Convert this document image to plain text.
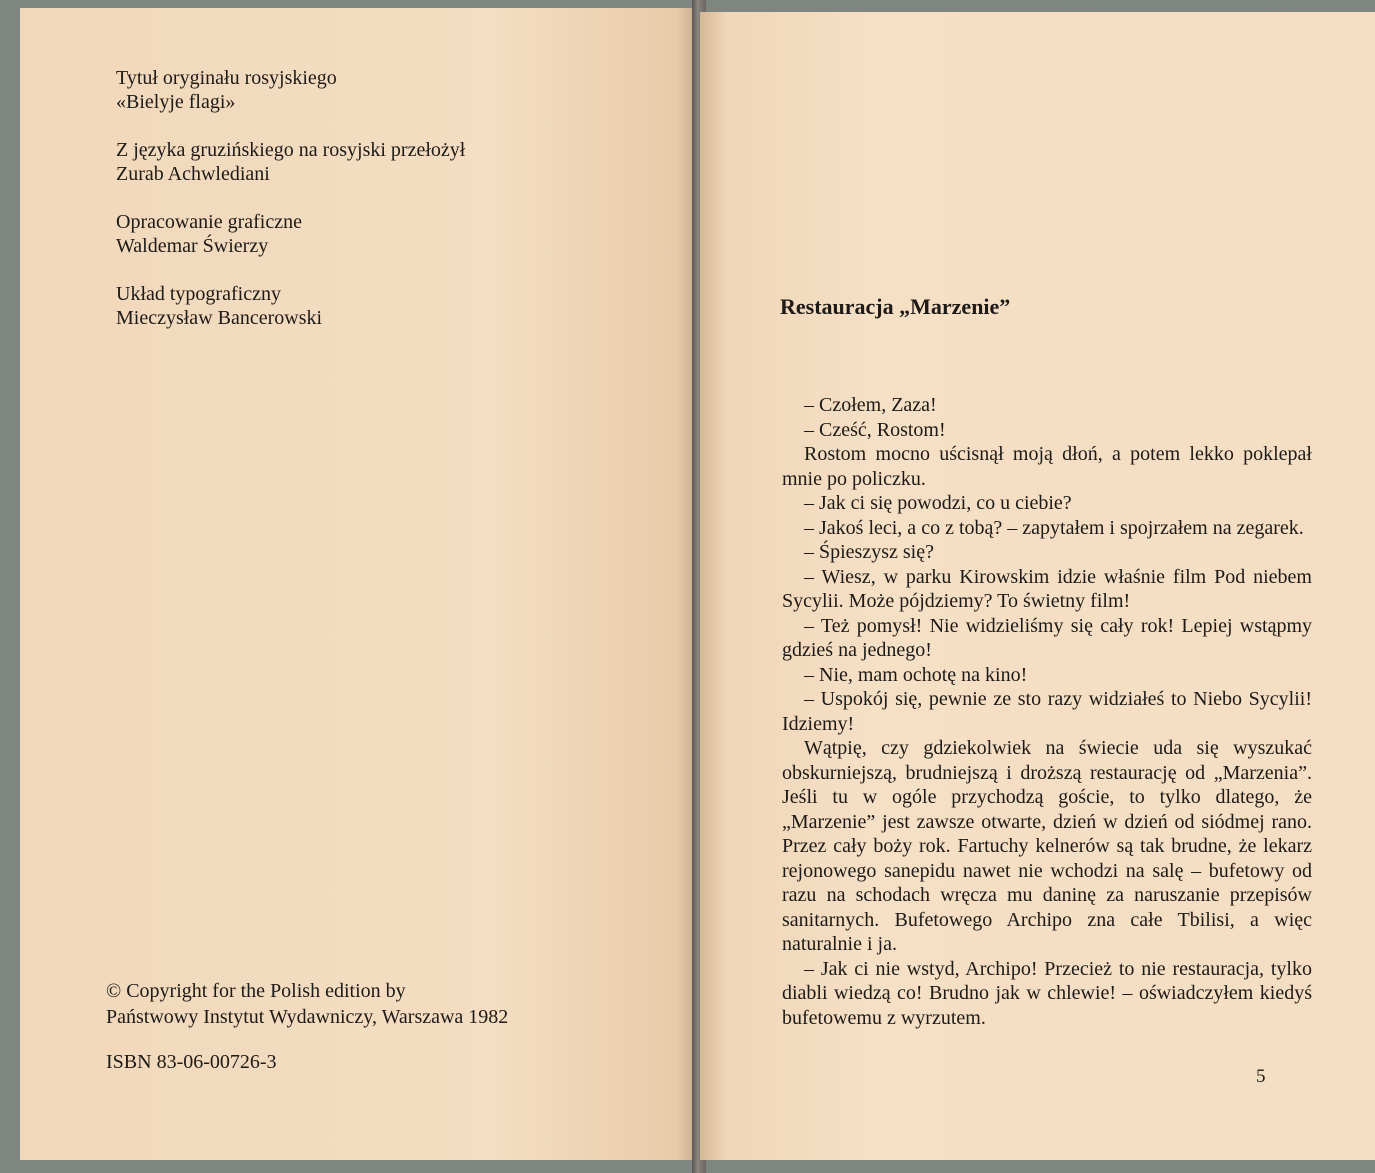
Tytuł oryginału rosyjskiego
«Bielyje flagi»
Z języka gruzińskiego na rosyjski przełożył
Zurab Achwlediani
Opracowanie graficzne
Waldemar Świerzy
Układ typograficzny
Mieczysław Bancerowski
© Copyright for the Polish edition by
Państwowy Instytut Wydawniczy, Warszawa 1982
ISBN 83-06-00726-3
Restauracja „Marzenie”
– Czołem, Zaza!
– Cześć, Rostom!
Rostom mocno uścisnął moją dłoń, a potem lekko poklepał mnie po policzku.
– Jak ci się powodzi, co u ciebie?
– Jakoś leci, a co z tobą? – zapytałem i spojrzałem na zegarek.
– Śpieszysz się?
– Wiesz, w parku Kirowskim idzie właśnie film Pod niebem Sycylii. Może pójdziemy? To świetny film!
– Też pomysł! Nie widzieliśmy się cały rok! Lepiej wstąpmy gdzieś na jednego!
– Nie, mam ochotę na kino!
– Uspokój się, pewnie ze sto razy widziałeś to Niebo Sycylii! Idziemy!
Wątpię, czy gdziekolwiek na świecie uda się wyszukać obskurniejszą, brudniejszą i droższą restaurację od „Marzenia”. Jeśli tu w ogóle przychodzą goście, to tylko dlatego, że „Marzenie” jest zawsze otwarte, dzień w dzień od siódmej rano. Przez cały boży rok. Fartuchy kelnerów są tak brudne, że lekarz rejonowego sanepidu nawet nie wchodzi na salę – bufetowy od razu na schodach wręcza mu daninę za naruszanie przepisów sanitarnych. Bufetowego Archipo zna całe Tbilisi, a więc naturalnie i ja.
– Jak ci nie wstyd, Archipo! Przecież to nie restauracja, tylko diabli wiedzą co! Brudno jak w chlewie! – oświadczyłem kiedyś bufetowemu z wyrzutem.
5
